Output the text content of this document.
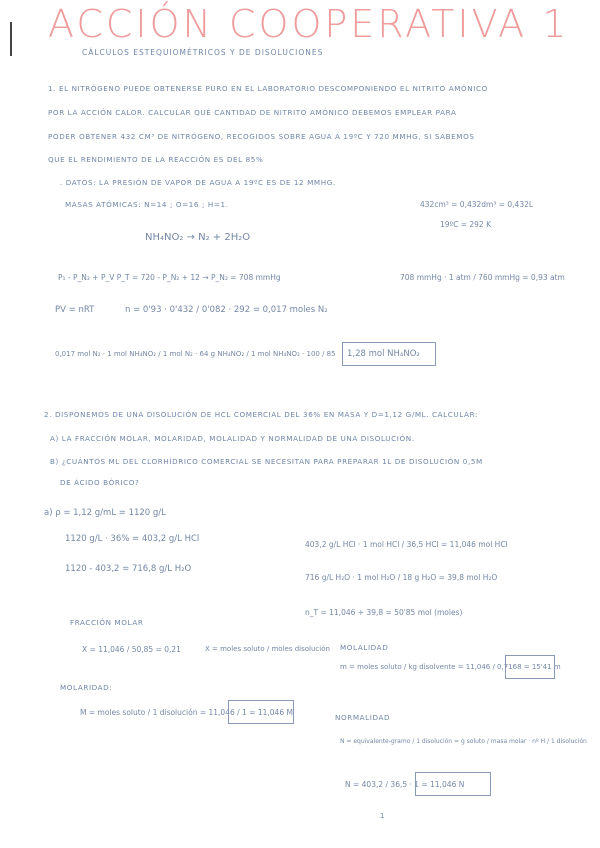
ACCIÓN COOPERATIVA 1
CÁLCULOS ESTEQUIOMÉTRICOS Y DE DISOLUCIONES
1. EL NITRÓGENO PUEDE OBTENERSE PURO EN EL LABORATORIO DESCOMPONIENDO EL NITRITO AMÓNICO
POR LA ACCIÓN CALOR. CALCULAR QUÉ CANTIDAD DE NITRITO AMÓNICO DEBEMOS EMPLEAR PARA
PODER OBTENER 432 CM³ DE NITRÓGENO, RECOGIDOS SOBRE AGUA A 19ºC Y 720 MMHG, SI SABEMOS
QUE EL RENDIMIENTO DE LA REACCIÓN ES DEL 85%
. DATOS: LA PRESIÓN DE VAPOR DE AGUA A 19ºC ES DE 12 MMHG.
MASAS ATÓMICAS: N=14 ; O=16 ; H=1.	432cm³ = 0,432dm³ = 0,432L
19ºC = 292 K
NH₄NO₂ → N₂ + 2H₂O
P₁ - P_N₂ + P_V P_T = 720 - P_N₂ + 12 → P_N₂ = 708 mmHg	708 mmHg · 1 atm / 760 mmHg = 0,93 atm
PV = nRT	n = 0'93 · 0'432 / 0'082 · 292 = 0,017 moles N₂
0,017 mol N₂ · 1 mol NH₄NO₂ / 1 mol N₂ · 64 g NH₄NO₂ / 1 mol NH₄NO₂ · 100 / 85 1,28 mol NH₄NO₂
2. DISPONEMOS DE UNA DISOLUCIÓN DE HCL COMERCIAL DEL 36% EN MASA Y D=1,12 G/ML. CALCULAR:
A) LA FRACCIÓN MOLAR, MOLARIDAD, MOLALIDAD Y NORMALIDAD DE UNA DISOLUCIÓN.
B) ¿CUÁNTOS ML DEL CLORHÍDRICO COMERCIAL SE NECESITAN PARA PREPARAR 1L DE DISOLUCIÓN 0,5M
DE ÁCIDO BÓRICO?
a) ρ = 1,12 g/mL = 1120 g/L
1120 g/L · 36% = 403,2 g/L HCl
1120 - 403,2 = 716,8 g/L H₂O
403,2 g/L HCl · 1 mol HCl / 36,5 HCl = 11,046 mol HCl
716 g/L H₂O · 1 mol H₂O / 18 g H₂O = 39,8 mol H₂O
n_T = 11,046 + 39,8 = 50'85 mol (moles)
FRACCIÓN MOLAR
X = 11,046 / 50,85 = 0,21	X = moles soluto / moles disolución
MOLARIDAD:
M = moles soluto / 1 disolución = 11,046 / 1 = 11,046 M
MOLALIDAD
m = moles soluto / kg disolvente = 11,046 / 0,7168 = 15'41 m
NORMALIDAD
N = equivalente-gramo / 1 disolución = g soluto / masa molar · nº H / 1 disolución
N = 403,2 / 36,5 · 1 = 11,046 N
1
